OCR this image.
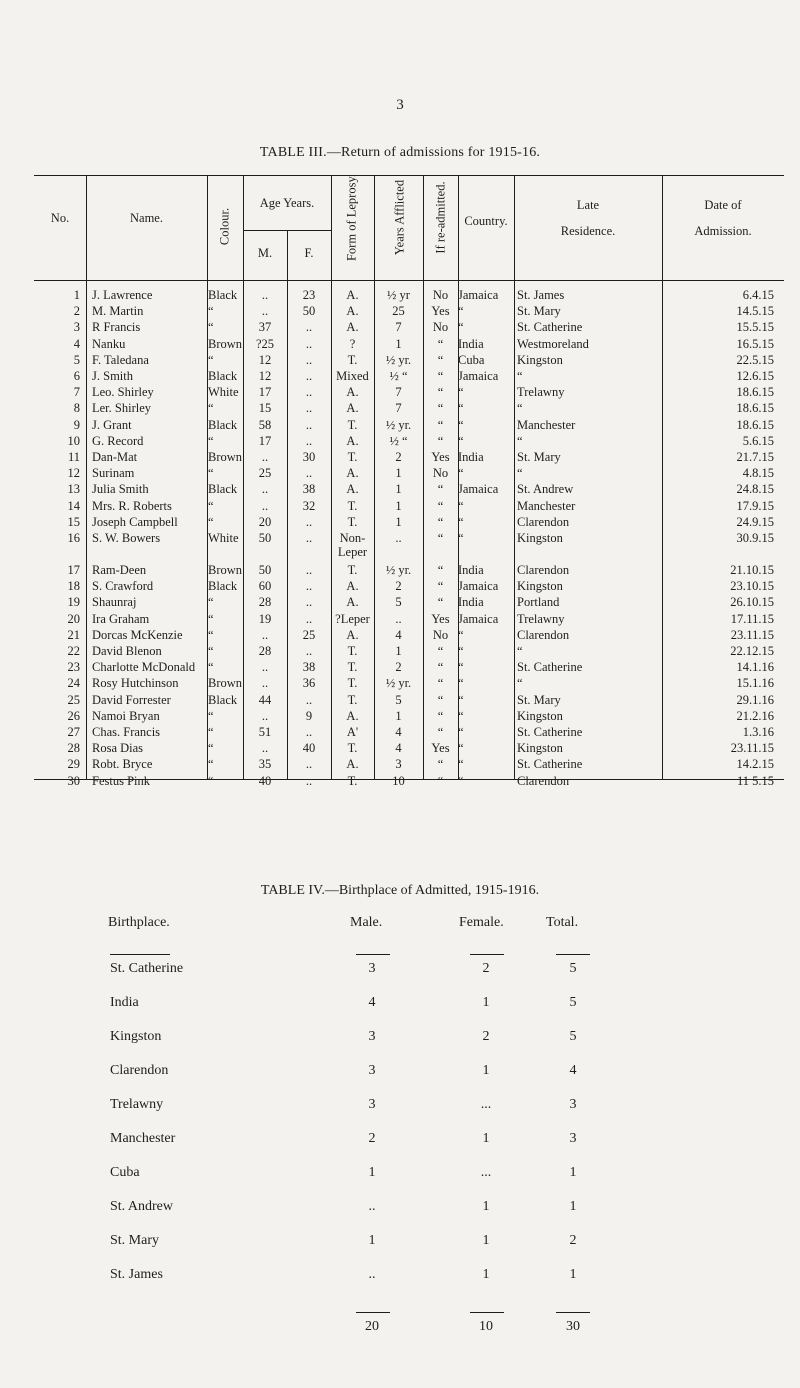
3
TABLE III.—Return of admissions for 1915-16.
No.	Name.	Colour.
Age Years.
M.	F.	Form of Leprosy.	Years Afflicted If re-admitted.	Country.
Late
Residence.
Date of
Admission.
1 J. Lawrence	Black	..	23	A.	½ yr	No Jamaica	St. James	6.4.15
2 M. Martin	“	..	50	A.	25	Yes “	St. Mary	14.5.15
3 R Francis	“	37	..	A.	7	No “	St. Catherine	15.5.15
4 Nanku	Brown	?25	..	?	1	“	India	Westmoreland	16.5.15
5 F. Taledana	“	12	..	T.	½ yr.	“	Cuba	Kingston	22.5.15
6 J. Smith	Black	12	..	Mixed	½ “	“	Jamaica	“	12.6.15
7 Leo. Shirley	White	17	..	A.	7	“	“	Trelawny	18.6.15
8 Ler. Shirley	“	15	..	A.	7	“	“	“	18.6.15
9 J. Grant	Black	58	..	T.	½ yr.	“	“	Manchester	18.6.15
10 G. Record	“	17	..	A.	½ “	“	“	“	5.6.15
11 Dan-Mat	Brown	..	30	T.	2	Yes India	St. Mary	21.7.15
12 Surinam	“	25	..	A.	1	No “	“	4.8.15
13 Julia Smith	Black	..	38	A.	1	“	Jamaica	St. Andrew	24.8.15
14 Mrs. R. Roberts	“	..	32	T.	1	“	“	Manchester	17.9.15
15 Joseph Campbell	“	20	..	T.	1	“	“	Clarendon	24.9.15
16 S. W. Bowers	White	50	..	Non-	..	“	“	Kingston	30.9.15
Leper
17 Ram-Deen	Brown	50	..	T.	½ yr.	“	India	Clarendon	21.10.15
18 S. Crawford	Black	60	..	A.	2	“	Jamaica	Kingston	23.10.15
19 Shaunraj	“	28	..	A.	5	“	India	Portland	26.10.15
20 Ira Graham	“	19	..	?Leper	..	Yes Jamaica	Trelawny	17.11.15
21 Dorcas McKenzie	“	..	25	A.	4	No “	Clarendon	23.11.15
22 David Blenon	“	28	..	T.	1	“	“	“	22.12.15
23 Charlotte McDonald	“	..	38	T.	2	“	“	St. Catherine	14.1.16
24 Rosy Hutchinson	Brown	..	36	T.	½ yr.	“	“	“	15.1.16
25 David Forrester	Black	44	..	T.	5	“	“	St. Mary	29.1.16
26 Namoi Bryan	“	..	9	A.	1	“	“	Kingston	21.2.16
27 Chas. Francis	“	51	..	A'	4	“	“	St. Catherine	1.3.16
28 Rosa Dias	“	..	40	T.	4	Yes “	Kingston	23.11.15
29 Robt. Bryce	“	35	..	A.	3	“	“	St. Catherine	14.2.15
30 Festus Pink	“	40	..	T.	10	“	“	Clarendon	11 5.15
TABLE IV.—Birthplace of Admitted, 1915-1916.
Birthplace.	Male.	Female.	Total.
St. Catherine	3	2	5
India	4	1	5
Kingston	3	2	5
Clarendon	3	1	4
Trelawny	3	...	3
Manchester	2	1	3
Cuba	1	...	1
St. Andrew	..	1	1
St. Mary	1	1	2
St. James	..	1	1
20	10	30
